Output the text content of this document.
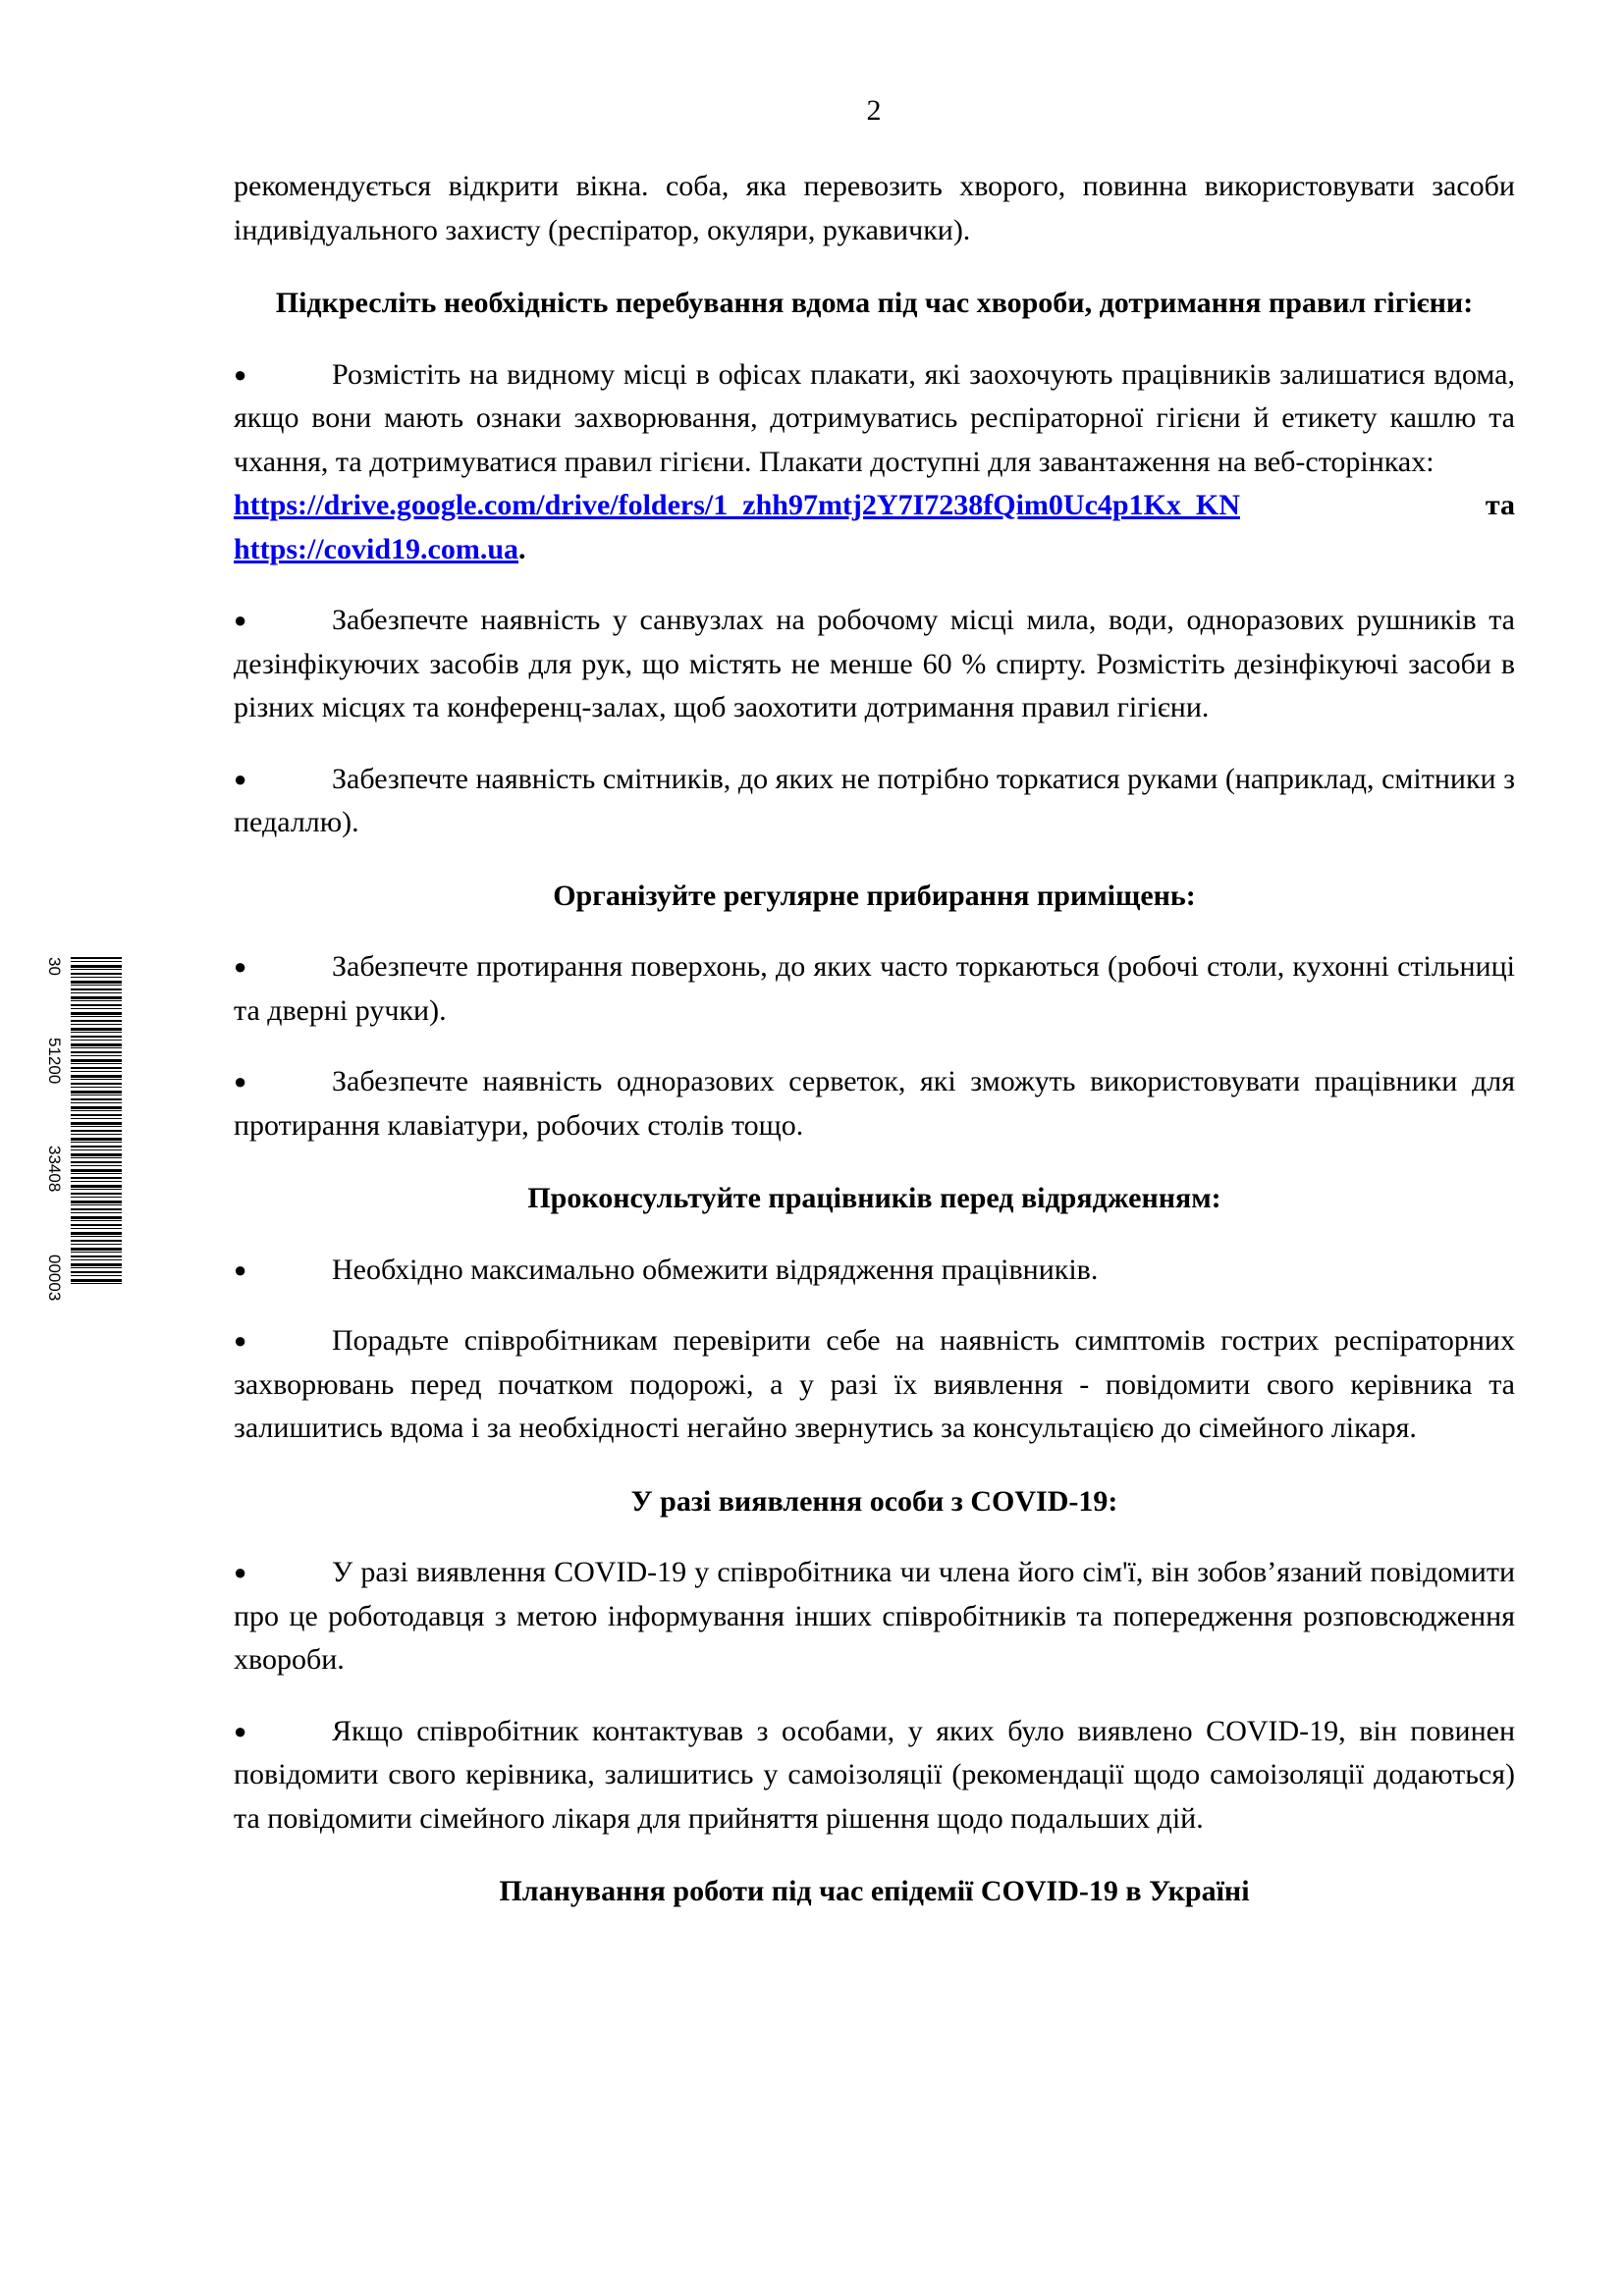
2
30
51200
33408
00003

рекомендується відкрити вікна. соба, яка перевозить хворого, повинна використовувати засоби індивідуального захисту (респіратор, окуляри, рукавички).

Підкресліть необхідність перебування вдома під час хвороби, дотримання правил гігієни:

●	Розмістіть на видному місці в офісах плакати, які заохочують працівників залишатися вдома, якщо вони мають ознаки захворювання, дотримуватись респіраторної гігієни й етикету кашлю та чхання, та дотримуватися правил гігієни. Плакати доступні для завантаження на веб-сторінках:

https://drive.google.com/drive/folders/1_zhh97mtj2Y7I7238fQim0Uc4p1Kx_KN	та

https://covid19.com.ua.

●	Забезпечте наявність у санвузлах на робочому місці мила, води, одноразових рушників та дезінфікуючих засобів для рук, що містять не менше 60 % спирту. Розмістіть дезінфікуючі засоби в різних місцях та конференц-залах, щоб заохотити дотримання правил гігієни.

●	Забезпечте наявність смітників, до яких не потрібно торкатися руками (наприклад, смітники з педаллю).

Організуйте регулярне прибирання приміщень:

●	Забезпечте протирання поверхонь, до яких часто торкаються (робочі столи, кухонні стільниці та дверні ручки).

●	Забезпечте наявність одноразових серветок, які зможуть використовувати працівники для протирання клавіатури, робочих столів тощо.

Проконсультуйте працівників перед відрядженням:

●	Необхідно максимально обмежити відрядження працівників.

●	Порадьте співробітникам перевірити себе на наявність симптомів гострих респіраторних захворювань перед початком подорожі, а у разі їх виявлення - повідомити свого керівника та залишитись вдома і за необхідності негайно звернутись за консультацією до сімейного лікаря.

У разі виявлення особи з COVID-19:

●	У разі виявлення COVID-19 у співробітника чи члена його сім'ї, він зобов’язаний повідомити про це роботодавця з метою інформування інших співробітників та попередження розповсюдження хвороби.

●	Якщо співробітник контактував з особами, у яких було виявлено COVID-19, він повинен повідомити свого керівника, залишитись у самоізоляції (рекомендації щодо самоізоляції додаються) та повідомити сімейного лікаря для прийняття рішення щодо подальших дій.

Планування роботи під час епідемії COVID-19 в Україні
